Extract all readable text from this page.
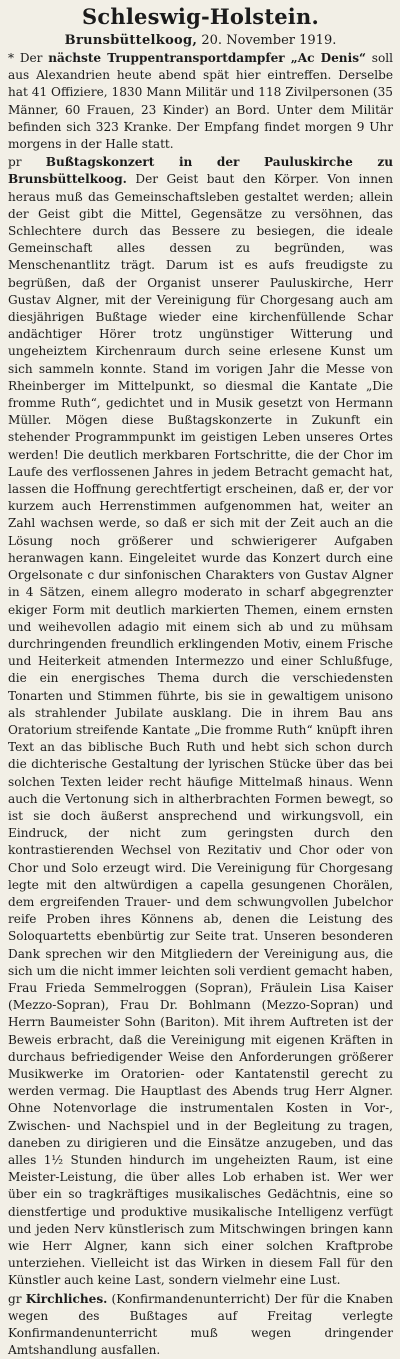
Schleswig-Holstein.

Brunsbüttelkoog, 20. November 1919.

* Der nächste Truppentransportdampfer „Ac Denis“ soll aus Alexandrien heute abend spät hier eintreffen. Derselbe hat 41 Offiziere, 1830 Mann Militär und 118 Zivilpersonen (35 Männer, 60 Frauen, 23 Kinder) an Bord. Unter dem Militär befinden sich 323 Kranke. Der Empfang findet morgen 9 Uhr morgens in der Halle statt.

pr Bußtagskonzert in der Pauluskirche zu Brunsbüttelkoog. Der Geist baut den Körper. Von innen heraus muß das Gemeinschaftsleben gestaltet werden; allein der Geist gibt die Mittel, Gegensätze zu versöhnen, das Schlechtere durch das Bessere zu besiegen, die ideale Gemeinschaft alles dessen zu begründen, was Menschenantlitz trägt. Darum ist es aufs freudigste zu begrüßen, daß der Organist unserer Pauluskirche, Herr Gustav Algner, mit der Vereinigung für Chorgesang auch am diesjährigen Bußtage wieder eine kirchenfüllende Schar andächtiger Hörer trotz ungünstiger Witterung und ungeheiztem Kirchenraum durch seine erlesene Kunst um sich sammeln konnte. Stand im vorigen Jahr die Messe von Rheinberger im Mittelpunkt, so diesmal die Kantate „Die fromme Ruth“, gedichtet und in Musik gesetzt von Hermann Müller. Mögen diese Bußtagskonzerte in Zukunft ein stehender Programmpunkt im geistigen Leben unseres Ortes werden! Die deutlich merkbaren Fortschritte, die der Chor im Laufe des verflossenen Jahres in jedem Betracht gemacht hat, lassen die Hoffnung gerechtfertigt erscheinen, daß er, der vor kurzem auch Herrenstimmen aufgenommen hat, weiter an Zahl wachsen werde, so daß er sich mit der Zeit auch an die Lösung noch größerer und schwierigerer Aufgaben heranwagen kann. Eingeleitet wurde das Konzert durch eine Orgelsonate c dur sinfonischen Charakters von Gustav Algner in 4 Sätzen, einem allegro moderato in scharf abgegrenzter ekiger Form mit deutlich markierten Themen, einem ernsten und weihevollen adagio mit einem sich ab und zu mühsam durchringenden freundlich erklingenden Motiv, einem Frische und Heiterkeit atmenden Intermezzo und einer Schlußfuge, die ein energisches Thema durch die verschiedensten Tonarten und Stimmen führte, bis sie in gewaltigem unisono als strahlender Jubilate ausklang. Die in ihrem Bau ans Oratorium streifende Kantate „Die fromme Ruth“ knüpft ihren Text an das biblische Buch Ruth und hebt sich schon durch die dichterische Gestaltung der lyrischen Stücke über das bei solchen Texten leider recht häufige Mittelmaß hinaus. Wenn auch die Vertonung sich in altherbrachten Formen bewegt, so ist sie doch äußerst ansprechend und wirkungsvoll, ein Eindruck, der nicht zum geringsten durch den kontrastierenden Wechsel von Rezitativ und Chor oder von Chor und Solo erzeugt wird. Die Vereinigung für Chorgesang legte mit den altwürdigen a capella gesungenen Chorälen, dem ergreifenden Trauer- und dem schwungvollen Jubelchor reife Proben ihres Könnens ab, denen die Leistung des Soloquartetts ebenbürtig zur Seite trat. Unseren besonderen Dank sprechen wir den Mitgliedern der Vereinigung aus, die sich um die nicht immer leichten soli verdient gemacht haben, Frau Frieda Semmelroggen (Sopran), Fräulein Lisa Kaiser (Mezzo-Sopran), Frau Dr. Bohlmann (Mezzo-Sopran) und Herrn Baumeister Sohn (Bariton). Mit ihrem Auftreten ist der Beweis erbracht, daß die Vereinigung mit eigenen Kräften in durchaus befriedigender Weise den Anforderungen größerer Musikwerke im Oratorien- oder Kantatenstil gerecht zu werden vermag. Die Hauptlast des Abends trug Herr Algner. Ohne Notenvorlage die instrumentalen Kosten in Vor-, Zwischen- und Nachspiel und in der Begleitung zu tragen, daneben zu dirigieren und die Einsätze anzugeben, und das alles 1½ Stunden hindurch im ungeheizten Raum, ist eine Meister-Leistung, die über alles Lob erhaben ist. Wer wer über ein so tragkräftiges musikalisches Gedächtnis, eine so dienstfertige und produktive musikalische Intelligenz verfügt und jeden Nerv künstlerisch zum Mitschwingen bringen kann wie Herr Algner, kann sich einer solchen Kraftprobe unterziehen. Vielleicht ist das Wirken in diesem Fall für den Künstler auch keine Last, sondern vielmehr eine Lust.

gr Kirchliches. (Konfirmandenunterricht) Der für die Knaben wegen des Bußtages auf Freitag verlegte Konfirmandenunterricht muß wegen dringender Amtshandlung ausfallen.
